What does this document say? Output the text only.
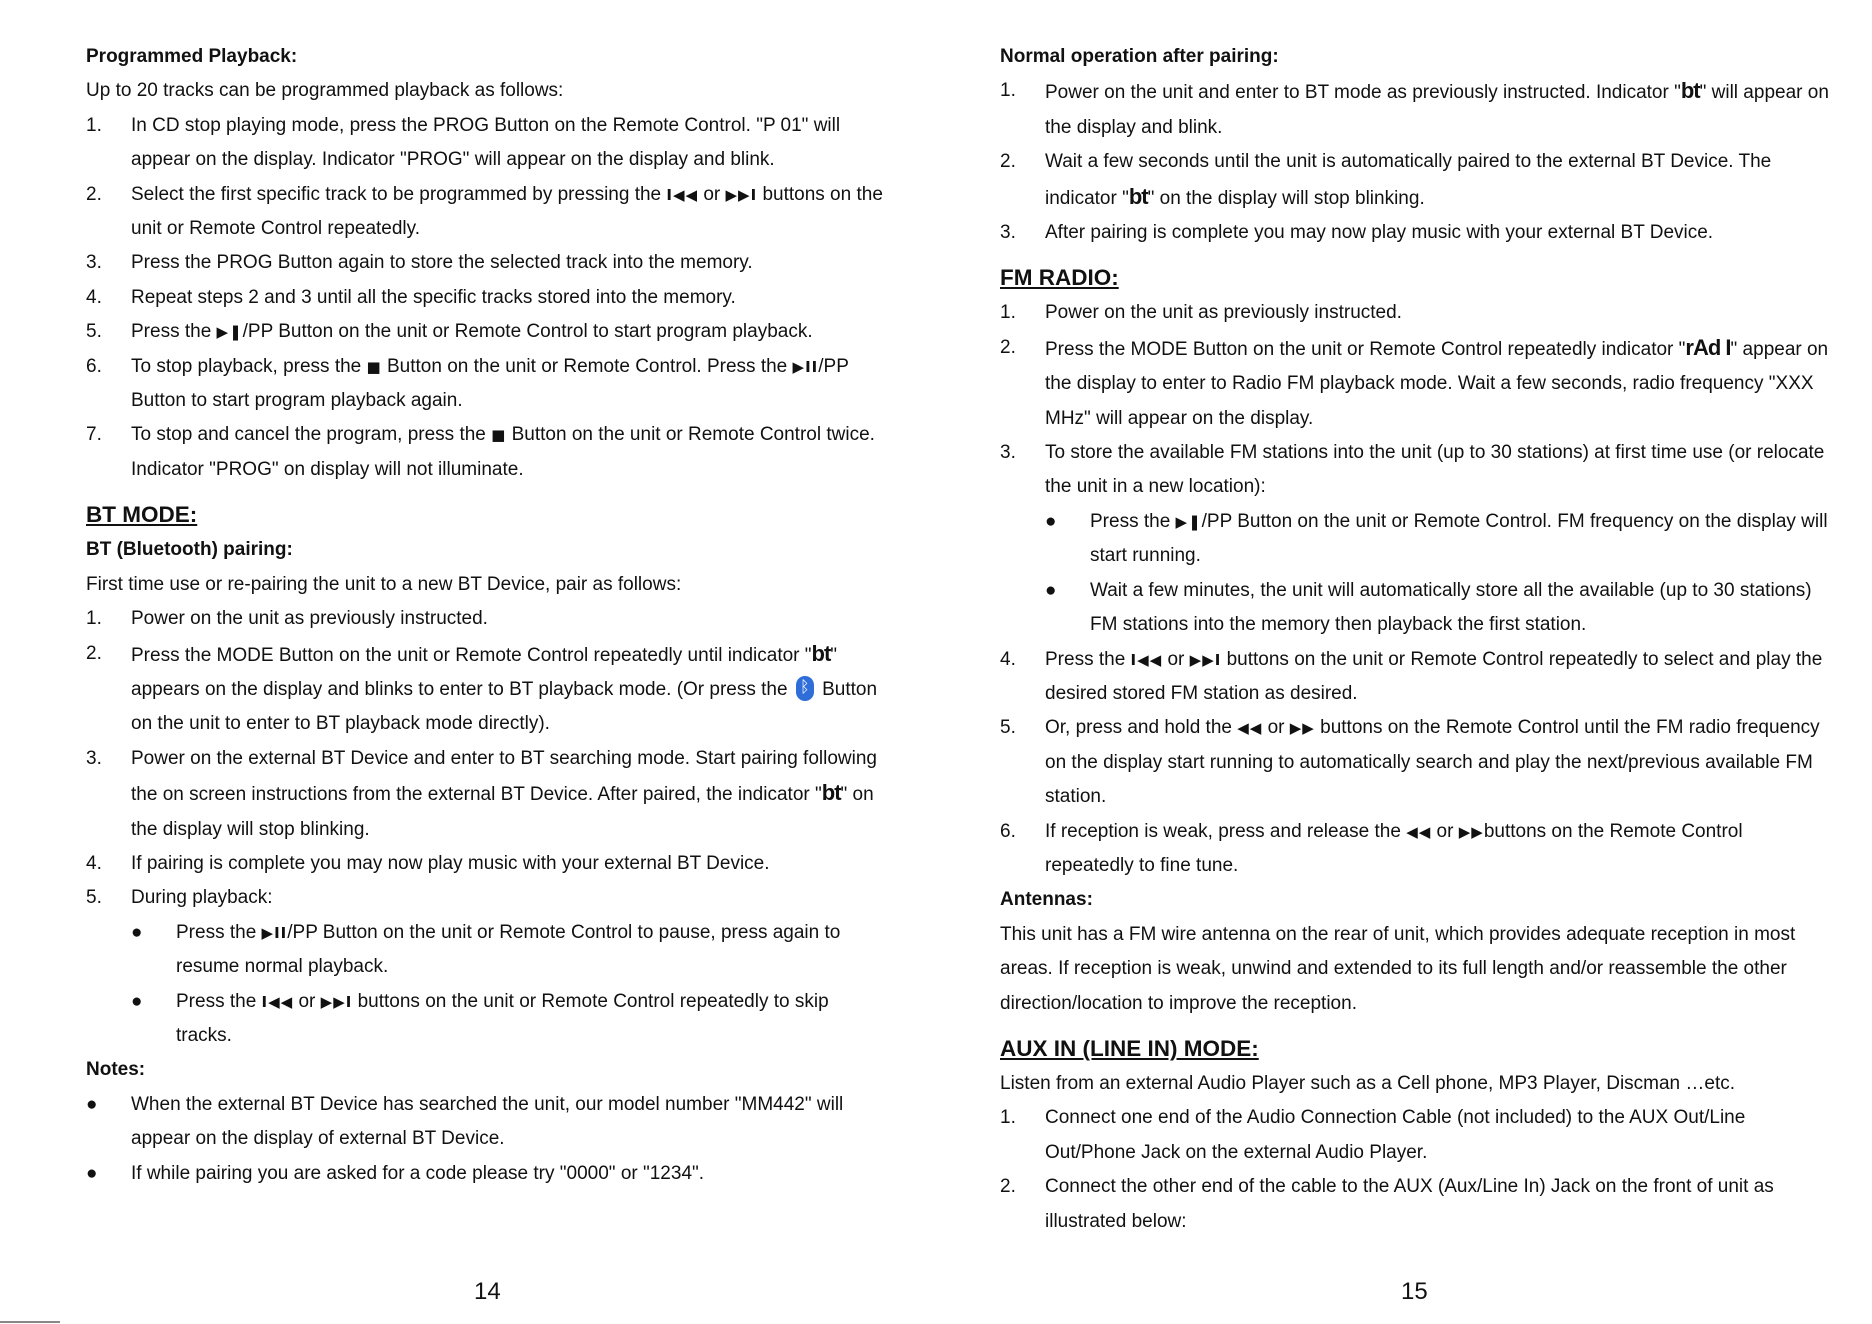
Programmed Playback:
Up to 20 tracks can be programmed playback as follows:
1.	In CD stop playing mode, press the PROG Button on the Remote Control. "P 01" will appear on the display. Indicator "PROG" will appear on the display and blink.
2.	Select the first specific track to be programmed by pressing the I◀◀ or ▶▶I buttons on the unit or Remote Control repeatedly.
3.	Press the PROG Button again to store the selected track into the memory.
4.	Repeat steps 2 and 3 until all the specific tracks stored into the memory.
5.	Press the ▶❚/PP Button on the unit or Remote Control to start program playback.
6.	To stop playback, press the ■ Button on the unit or Remote Control. Press the ▶II/PP Button to start program playback again.
7.	To stop and cancel the program, press the ■ Button on the unit or Remote Control twice. Indicator "PROG" on display will not illuminate.
BT MODE:
BT (Bluetooth) pairing:
First time use or re-pairing the unit to a new BT Device, pair as follows:
1.	Power on the unit as previously instructed.
2.	Press the MODE Button on the unit or Remote Control repeatedly until indicator "bt" appears on the display and blinks to enter to BT playback mode. (Or press the ᛒ Button on the unit to enter to BT playback mode directly).
3.	Power on the external BT Device and enter to BT searching mode. Start pairing following the on screen instructions from the external BT Device. After paired, the indicator "bt" on the display will stop blinking.
4.	If pairing is complete you may now play music with your external BT Device.
5.	During playback:
●	Press the ▶II/PP Button on the unit or Remote Control to pause, press again to resume normal playback.
●	Press the I◀◀ or ▶▶I buttons on the unit or Remote Control repeatedly to skip tracks.
Notes:
●	When the external BT Device has searched the unit, our model number "MM442" will appear on the display of external BT Device.
●	If while pairing you are asked for a code please try "0000" or "1234".
14
Normal operation after pairing:
1.	Power on the unit and enter to BT mode as previously instructed. Indicator "bt" will appear on the display and blink.
2.	Wait a few seconds until the unit is automatically paired to the external BT Device. The indicator "bt" on the display will stop blinking.
3.	After pairing is complete you may now play music with your external BT Device.
FM RADIO:
1.	Power on the unit as previously instructed.
2.	Press the MODE Button on the unit or Remote Control repeatedly indicator "rAd I" appear on the display to enter to Radio FM playback mode. Wait a few seconds, radio frequency "XXX MHz" will appear on the display.
3.	To store the available FM stations into the unit (up to 30 stations) at first time use (or relocate the unit in a new location):
●	Press the ▶❚/PP Button on the unit or Remote Control. FM frequency on the display will start running.
●	Wait a few minutes, the unit will automatically store all the available (up to 30 stations) FM stations into the memory then playback the first station.
4.	Press the I◀◀ or ▶▶I buttons on the unit or Remote Control repeatedly to select and play the desired stored FM station as desired.
5.	Or, press and hold the ◀◀ or ▶▶ buttons on the Remote Control until the FM radio frequency on the display start running to automatically search and play the next/previous available FM station.
6.	If reception is weak, press and release the ◀◀ or ▶▶buttons on the Remote Control repeatedly to fine tune.
Antennas:
This unit has a FM wire antenna on the rear of unit, which provides adequate reception in most areas. If reception is weak, unwind and extended to its full length and/or reassemble the other direction/location to improve the reception.
AUX IN (LINE IN) MODE:
Listen from an external Audio Player such as a Cell phone, MP3 Player, Discman …etc.
1.	Connect one end of the Audio Connection Cable (not included) to the AUX Out/Line Out/Phone Jack on the external Audio Player.
2.	Connect the other end of the cable to the AUX (Aux/Line In) Jack on the front of unit as illustrated below:
15
